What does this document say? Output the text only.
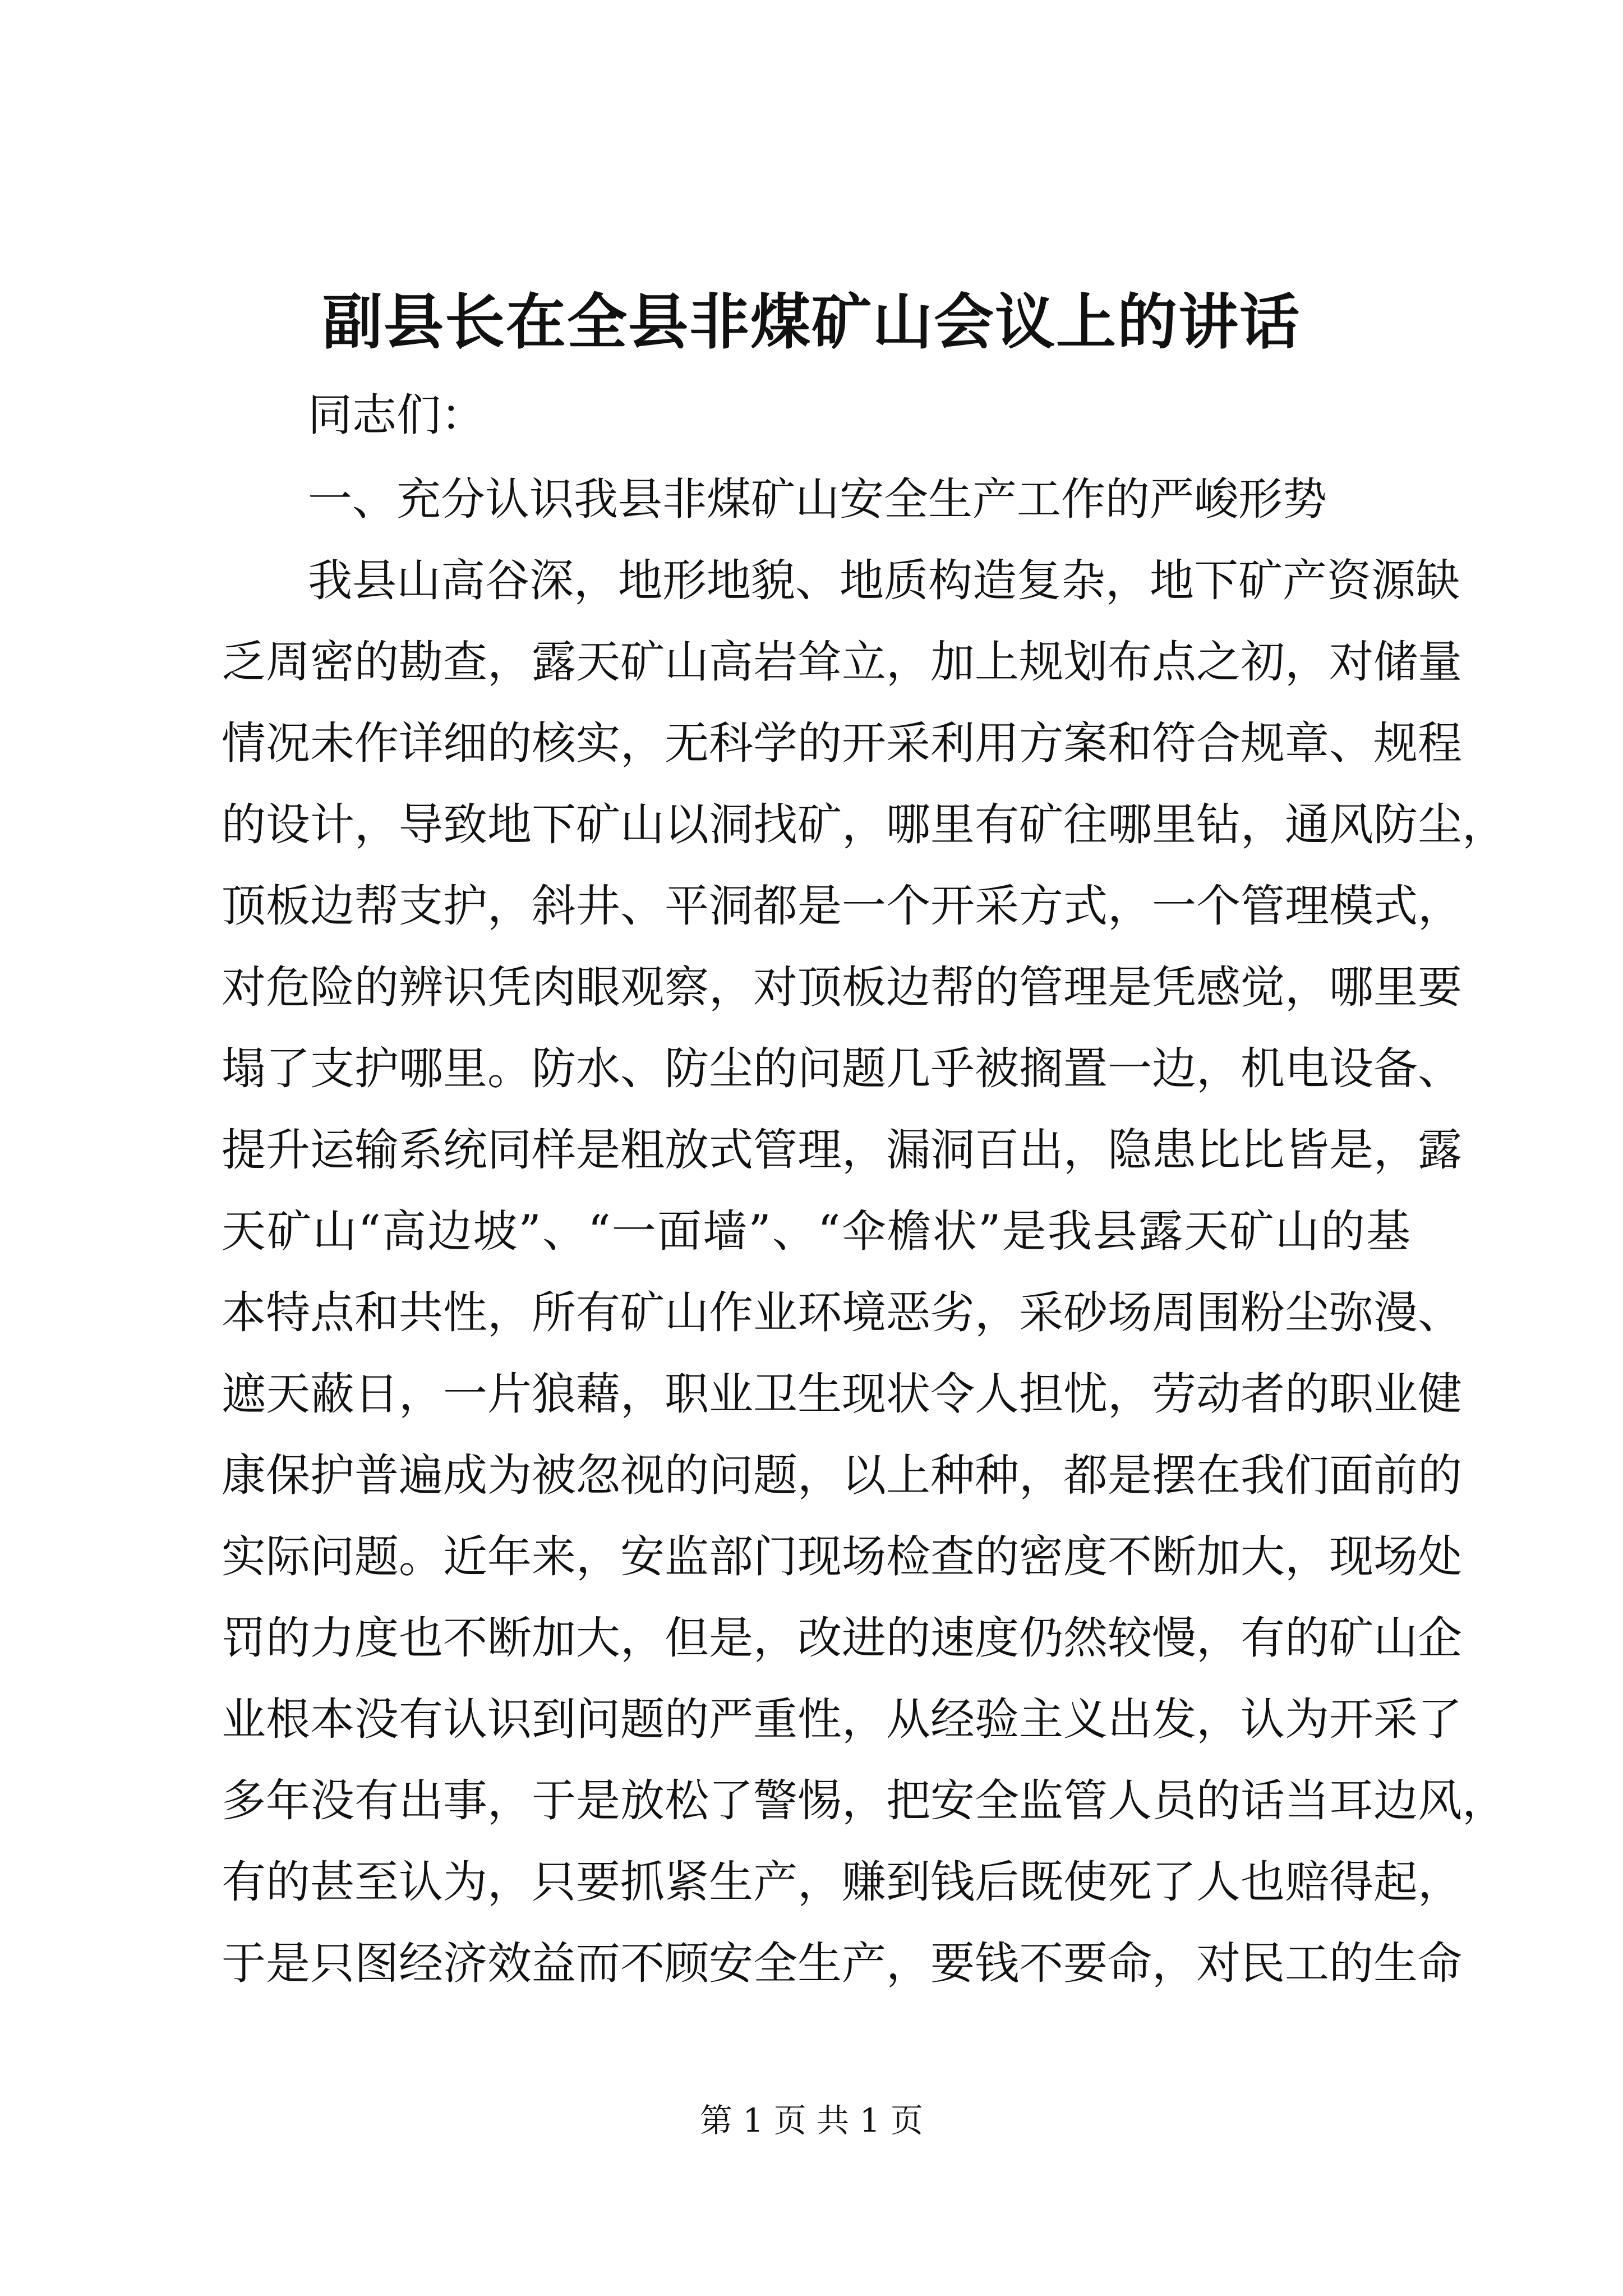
副县长在全县非煤矿山会议上的讲话
同志们：
一、充分认识我县非煤矿山安全生产工作的严峻形势
我县山高谷深，地形地貌、地质构造复杂，地下矿产资源缺
乏周密的勘查，露天矿山高岩耸立，加上规划布点之初，对储量
情况未作详细的核实，无科学的开采利用方案和符合规章、规程
的设计，导致地下矿山以洞找矿，哪里有矿往哪里钻，通风防尘，
顶板边帮支护，斜井、平洞都是一个开采方式，一个管理模式，
对危险的辨识凭肉眼观察，对顶板边帮的管理是凭感觉，哪里要
塌了支护哪里。防水、防尘的问题几乎被搁置一边，机电设备、
提升运输系统同样是粗放式管理，漏洞百出，隐患比比皆是，露
天矿山“高边坡”、“一面墙”、“伞檐状”是我县露天矿山的基
本特点和共性，所有矿山作业环境恶劣，采砂场周围粉尘弥漫、
遮天蔽日，一片狼藉，职业卫生现状令人担忧，劳动者的职业健
康保护普遍成为被忽视的问题，以上种种，都是摆在我们面前的
实际问题。近年来，安监部门现场检查的密度不断加大，现场处
罚的力度也不断加大，但是，改进的速度仍然较慢，有的矿山企
业根本没有认识到问题的严重性，从经验主义出发，认为开采了
多年没有出事，于是放松了警惕，把安全监管人员的话当耳边风，
有的甚至认为，只要抓紧生产，赚到钱后既使死了人也赔得起，
于是只图经济效益而不顾安全生产，要钱不要命，对民工的生命
第 1 页 共 1 页
